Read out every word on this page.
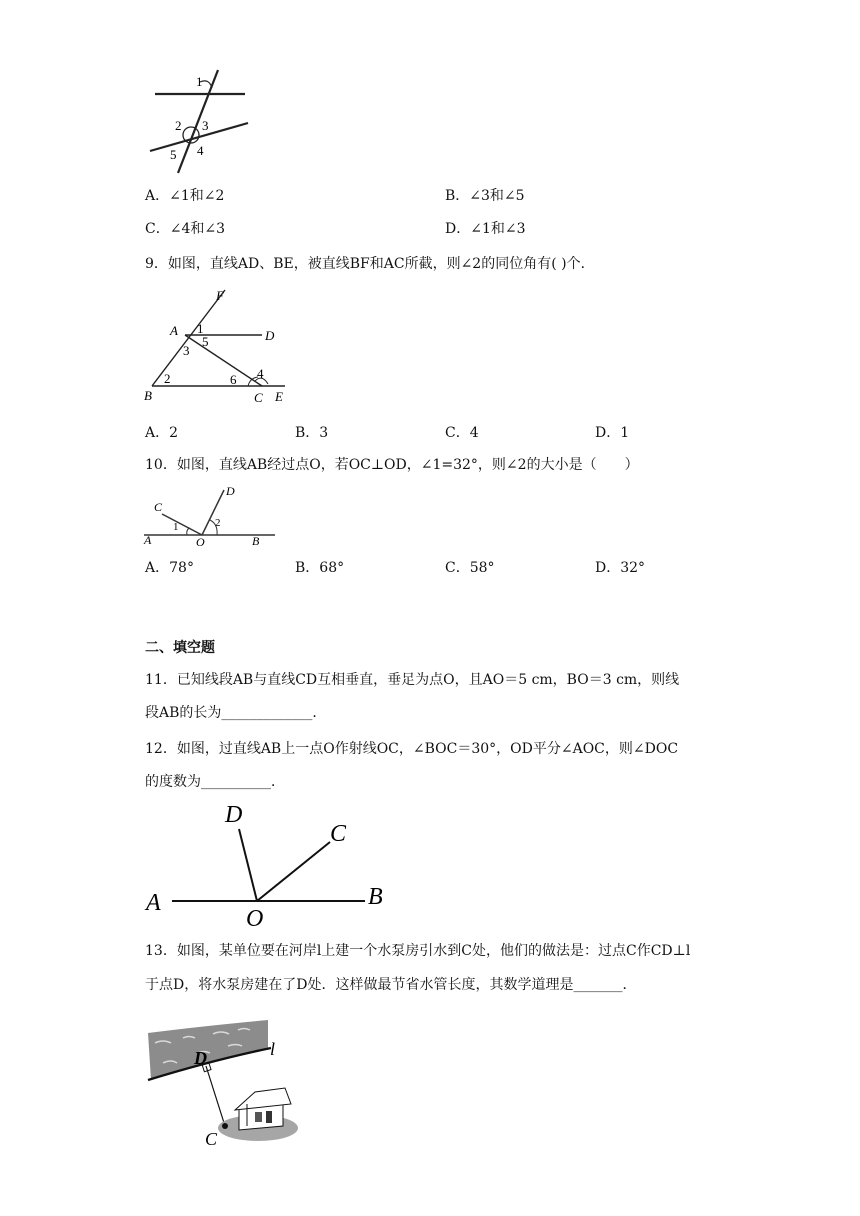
1
2 3
4
5
A．∠1和∠2	B．∠3和∠5
C．∠4和∠3	D．∠1和∠3
9．如图，直线AD、BE，被直线BF和AC所截，则∠2的同位角有( )个．
F
A	D
B	C E
1
5
3
2	6 4
A．2	B．3	C．4	D．1
10．如图，直线AB经过点O，若OC⊥OD，∠1=32°，则∠2的大小是（　　）
C
D
A	O	B
1	2
A．78°	B．68°	C．58°	D．32°
二、填空题
11．已知线段AB与直线CD互相垂直，垂足为点O，且AO＝5 cm，BO＝3 cm，则线
段AB的长为_____________．
12．如图，过直线AB上一点O作射线OC，∠BOC＝30°，OD平分∠AOC，则∠DOC
的度数为__________．
D
C
A
O
B
13．如图，某单位要在河岸l上建一个水泵房引水到C处，他们的做法是：过点C作CD⊥l
于点D，将水泵房建在了D处．这样做最节省水管长度，其数学道理是_______．
D	l
C
